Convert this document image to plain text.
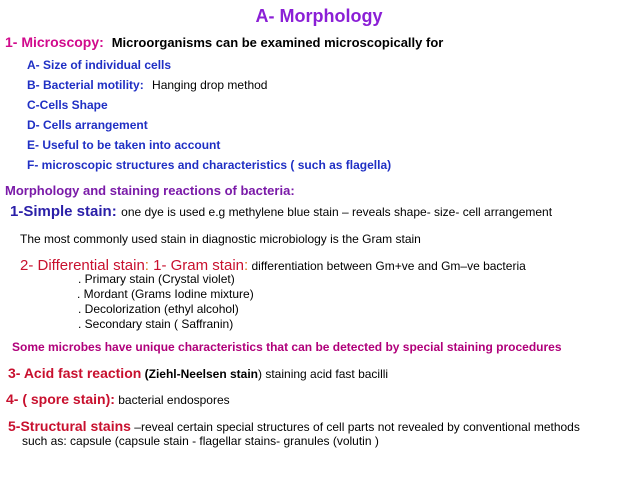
A- Morphology
1- Microscopy: Microorganisms can be examined microscopically for
A- Size of individual cells
B- Bacterial motility: Hanging drop method
C-Cells Shape
D- Cells arrangement
E- Useful to be taken into account
F- microscopic structures and characteristics ( such as flagella)
Morphology and staining reactions of bacteria:
1-Simple stain: one dye is used e.g methylene blue stain – reveals shape- size- cell arrangement
The most commonly used stain in diagnostic microbiology is the Gram stain
2- Differential stain: 1- Gram stain: differentiation between Gm+ve and Gm–ve bacteria
. Primary stain (Crystal violet)
. Mordant (Grams Iodine mixture)
. Decolorization (ethyl alcohol)
. Secondary stain ( Saffranin)
Some microbes have unique characteristics that can be detected by special staining procedures
3- Acid fast reaction (Ziehl-Neelsen stain) staining acid fast bacilli
4- ( spore stain): bacterial endospores
5-Structural stains –reveal certain special structures of cell parts not revealed by conventional methods
such as: capsule (capsule stain - flagellar stains- granules (volutin )
